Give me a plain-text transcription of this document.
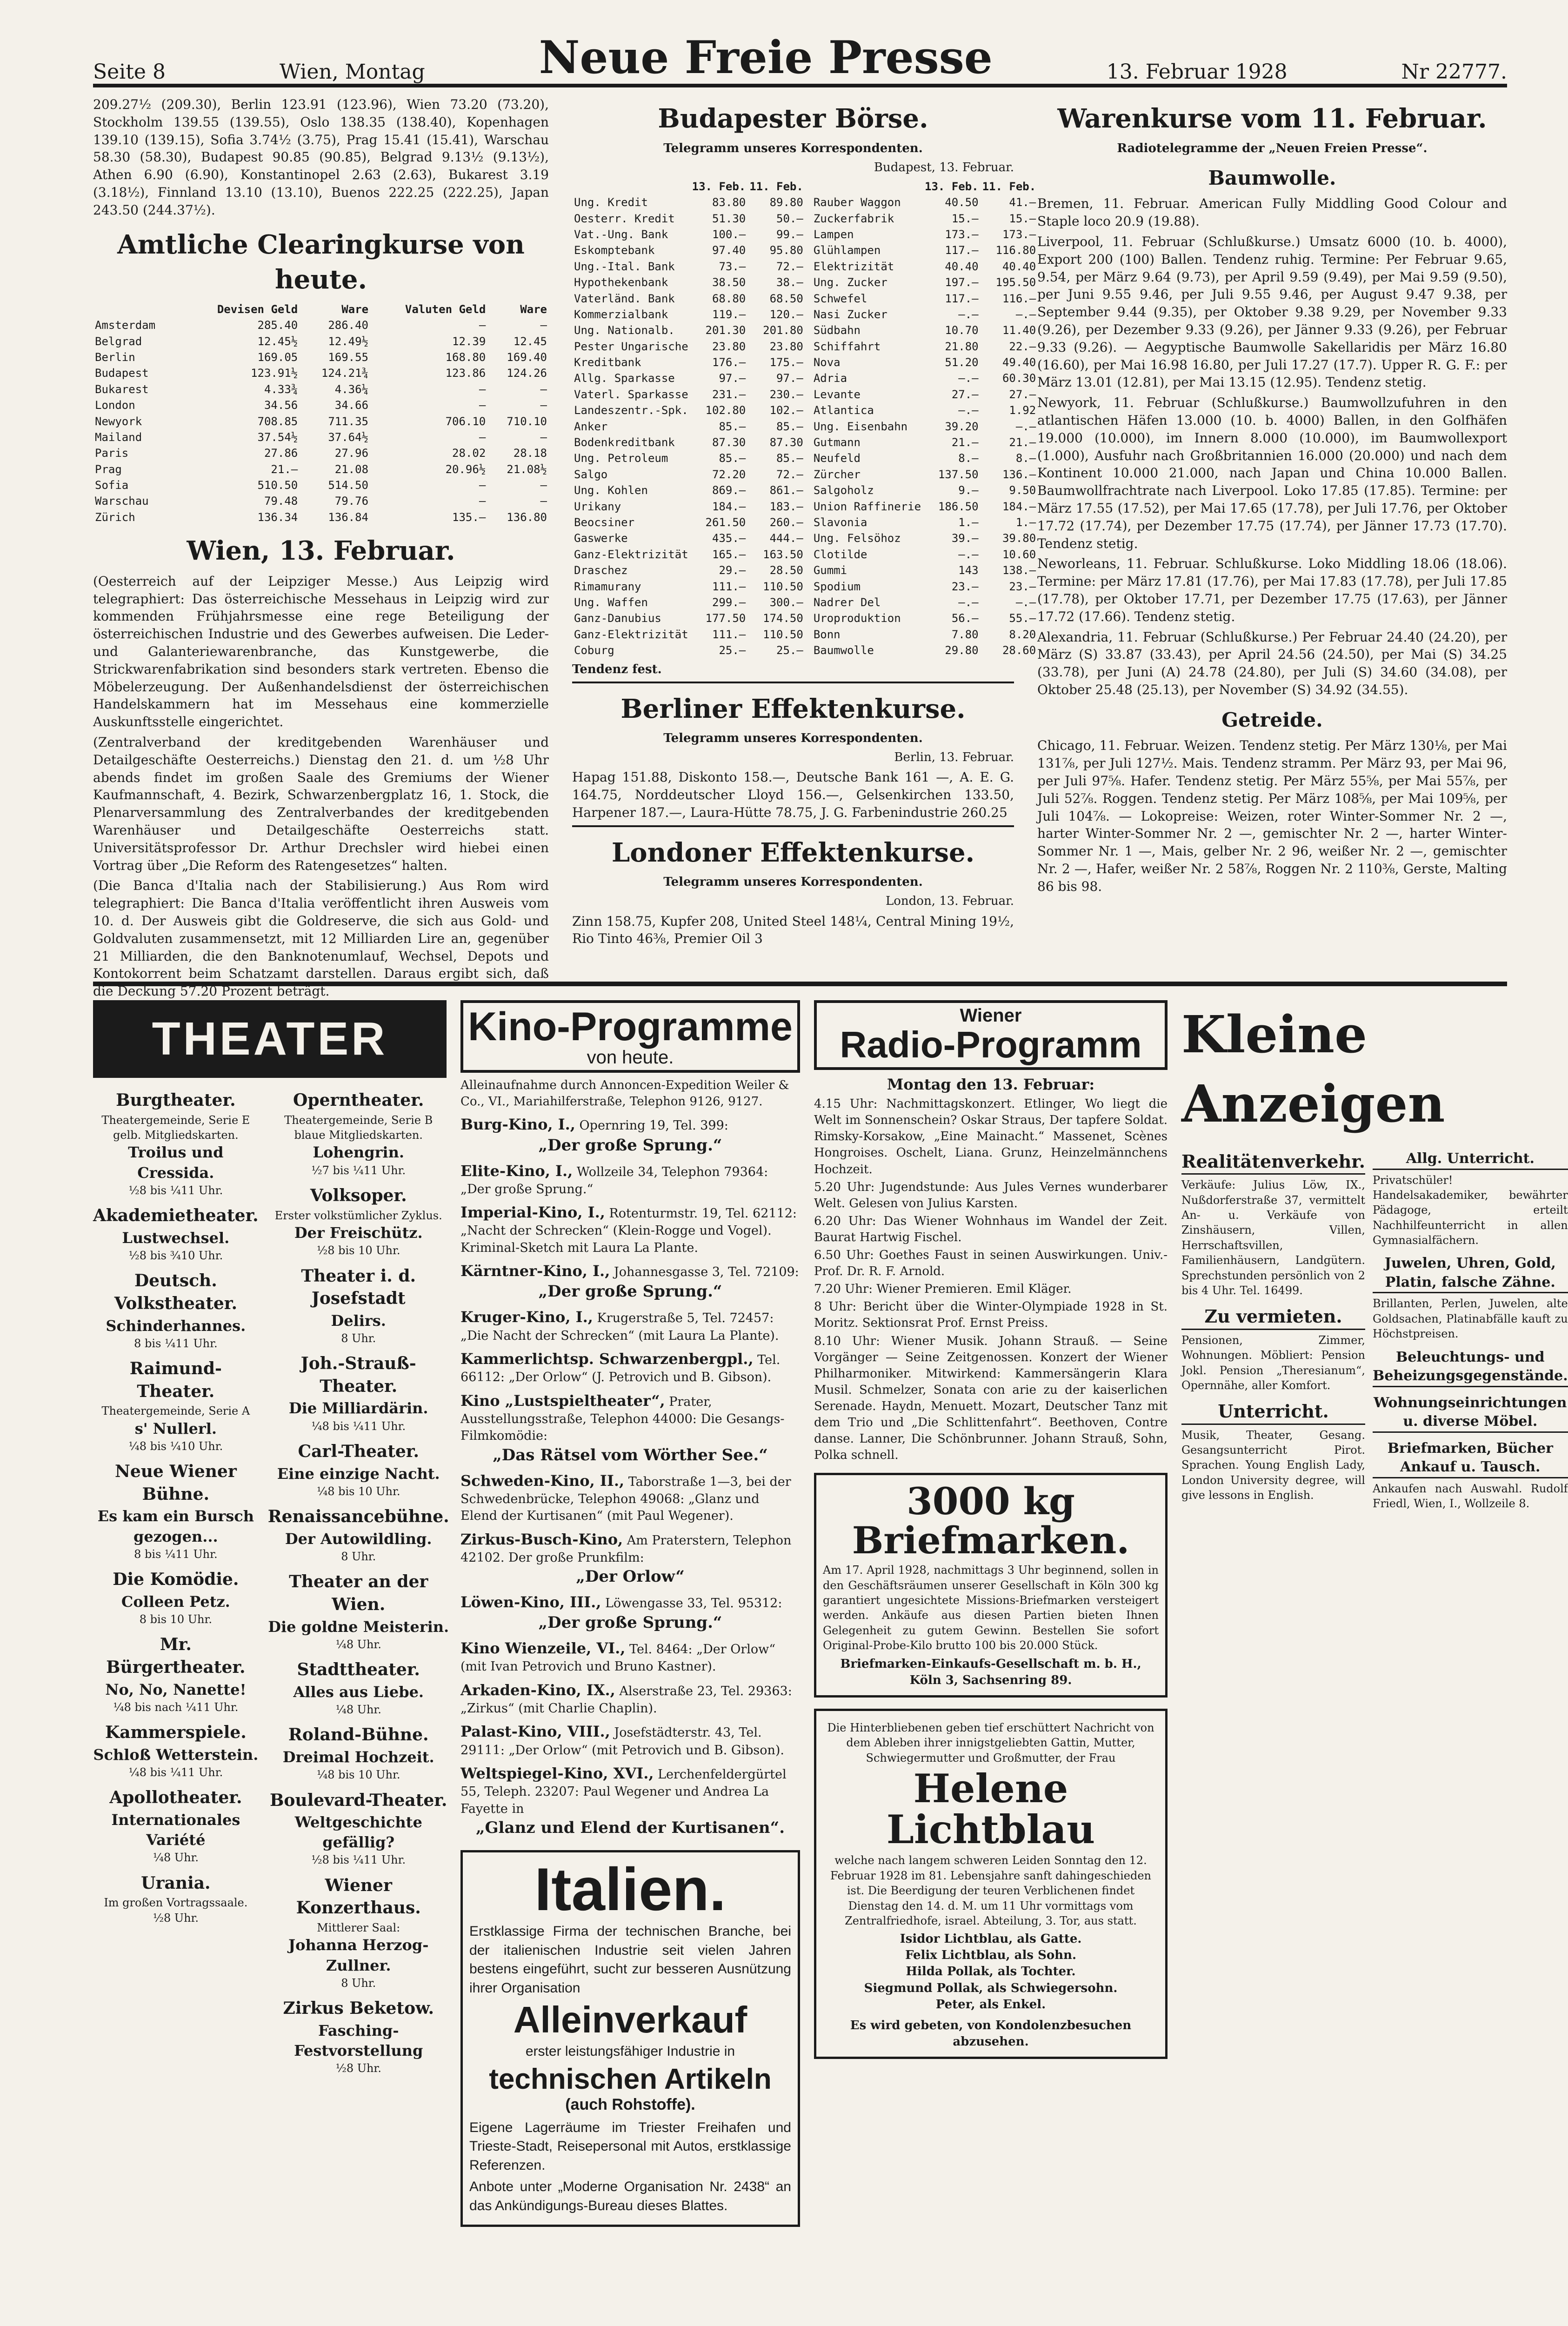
Seite 8	Wien, Montag	Neue Freie Presse	13. Februar 1928	Nr 22777.

209.27½ (209.30), Berlin 123.91 (123.96), Wien 73.20 (73.20), Stockholm 139.55 (139.55), Oslo 138.35 (138.40), Kopenhagen 139.10 (139.15), Sofia 3.74½ (3.75), Prag 15.41 (15.41), Warschau 58.30 (58.30), Budapest 90.85 (90.85), Belgrad 9.13½ (9.13½), Athen 6.90 (6.90), Konstantinopel 2.63 (2.63), Bukarest 3.19 (3.18½), Finnland 13.10 (13.10), Buenos 222.25 (222.25), Japan 243.50 (244.37½).

Amtliche Clearingkurse von heute.
	Devisen Geld	Ware	Valuten Geld	Ware
Amsterdam	285.40	286.40	—	—
Belgrad	12.45½	12.49½	12.39	12.45
Berlin	169.05	169.55	168.80	169.40
Budapest	123.91½	124.21¾	123.86	124.26
Bukarest	4.33¾	4.36¼	—	—
London	34.56	34.66	—	—
Newyork	708.85	711.35	706.10	710.10
Mailand	37.54½	37.64½	—	—
Paris	27.86	27.96	28.02	28.18
Prag	21.—	21.08	20.96½	21.08½
Sofia	510.50	514.50	—	—
Warschau	79.48	79.76	—	—
Zürich	136.34	136.84	135.—	136.80
Wien, 13. Februar.

(Oesterreich auf der Leipziger Messe.) Aus Leipzig wird telegraphiert: Das österreichische Messehaus in Leipzig wird zur kommenden Frühjahrsmesse eine rege Beteiligung der österreichischen Industrie und des Gewerbes aufweisen. Die Leder- und Galanteriewarenbranche, das Kunstgewerbe, die Strickwarenfabrikation sind besonders stark vertreten. Ebenso die Möbelerzeugung. Der Außenhandelsdienst der österreichischen Handelskammern hat im Messehaus eine kommerzielle Auskunftsstelle eingerichtet.

(Zentralverband der kreditgebenden Warenhäuser und Detailgeschäfte Oesterreichs.) Dienstag den 21. d. um ½8 Uhr abends findet im großen Saale des Gremiums der Wiener Kaufmannschaft, 4. Bezirk, Schwarzenbergplatz 16, 1. Stock, die Plenarversammlung des Zentralverbandes der kreditgebenden Warenhäuser und Detailgeschäfte Oesterreichs statt. Universitätsprofessor Dr. Arthur Drechsler wird hiebei einen Vortrag über „Die Reform des Ratengesetzes“ halten.

(Die Banca d'Italia nach der Stabilisierung.) Aus Rom wird telegraphiert: Die Banca d'Italia veröffentlicht ihren Ausweis vom 10. d. Der Ausweis gibt die Goldreserve, die sich aus Gold- und Goldvaluten zusammensetzt, mit 12 Milliarden Lire an, gegenüber 21 Milliarden, die den Banknotenumlauf, Wechsel, Depots und Kontokorrent beim Schatzamt darstellen. Daraus ergibt sich, daß die Deckung 57.20 Prozent beträgt.

Budapester Börse.
Telegramm unseres Korrespondenten.
Budapest, 13. Februar.
	13. Feb.	11. Feb.
Ung. Kredit	83.80	89.80
Oesterr. Kredit	51.30	50.—
Vat.-Ung. Bank	100.—	99.—
Eskomptebank	97.40	95.80
Ung.-Ital. Bank	73.—	72.—
Hypothekenbank	38.50	38.—
Vaterländ. Bank	68.80	68.50
Kommerzialbank	119.—	120.—
Ung. Nationalb.	201.30	201.80
Pester Ungarische	23.80	23.80
Kreditbank	176.—	175.—
Allg. Sparkasse	97.—	97.—
Vaterl. Sparkasse	231.—	230.—
Landeszentr.-Spk.	102.80	102.—
Anker	85.—	85.—
Bodenkreditbank	87.30	87.30
Ung. Petroleum	85.—	85.—
Salgo	72.20	72.—
Ung. Kohlen	869.—	861.—
Urikany	184.—	183.—
Beocsiner	261.50	260.—
Gaswerke	435.—	444.—
Ganz-Elektrizität	165.—	163.50
Draschez	29.—	28.50
Rimamurany	111.—	110.50
Ung. Waffen	299.—	300.—
Ganz-Danubius	177.50	174.50
Ganz-Elektrizität	111.—	110.50
Coburg	25.—	25.—
	13. Feb.	11. Feb.
Rauber Waggon	40.50	41.—
Zuckerfabrik	15.—	15.—
Lampen	173.—	173.—
Glühlampen	117.—	116.80
Elektrizität	40.40	40.40
Ung. Zucker	197.—	195.50
Schwefel	117.—	116.—
Nasi Zucker	—.—	—.—
Südbahn	10.70	11.40
Schiffahrt	21.80	22.—
Nova	51.20	49.40
Adria	—.—	60.30
Levante	27.—	27.—
Atlantica	—.—	1.92
Ung. Eisenbahn	39.20	—.—
Gutmann	21.—	21.—
Neufeld	8.—	8.—
Zürcher	137.50	136.—
Salgoholz	9.—	9.50
Union Raffinerie	186.50	184.—
Slavonia	1.—	1.—
Ung. Felsöhoz	39.—	39.80
Clotilde	—.—	10.60
Gummi	143	138.—
Spodium	23.—	23.—
Nadrer Del	—.—	—.—
Uroproduktion	56.—	55.—
Bonn	7.80	8.20
Baumwolle	29.80	28.60
Tendenz fest.
Berliner Effektenkurse.
Telegramm unseres Korrespondenten.
Berlin, 13. Februar.

Hapag 151.88, Diskonto 158.—, Deutsche Bank 161 —, A. E. G. 164.75, Norddeutscher Lloyd 156.—, Gelsenkirchen 133.50, Harpener 187.—, Laura-Hütte 78.75, J. G. Farbenindustrie 260.25

Londoner Effektenkurse.
Telegramm unseres Korrespondenten.
London, 13. Februar.

Zinn 158.75, Kupfer 208, United Steel 148¼, Central Mining 19½, Rio Tinto 46⅜, Premier Oil 3

Warenkurse vom 11. Februar.
Radiotelegramme der „Neuen Freien Presse“.
Baumwolle.

Bremen, 11. Februar. American Fully Middling Good Colour and Staple loco 20.9 (19.88).

Liverpool, 11. Februar (Schlußkurse.) Umsatz 6000 (10. b. 4000), Export 200 (100) Ballen. Tendenz ruhig. Termine: Per Februar 9.65, 9.54, per März 9.64 (9.73), per April 9.59 (9.49), per Mai 9.59 (9.50), per Juni 9.55 9.46, per Juli 9.55 9.46, per August 9.47 9.38, per September 9.44 (9.35), per Oktober 9.38 9.29, per November 9.33 (9.26), per Dezember 9.33 (9.26), per Jänner 9.33 (9.26), per Februar 9.33 (9.26). — Aegyptische Baumwolle Sakellaridis per März 16.80 (16.60), per Mai 16.98 16.80, per Juli 17.27 (17.7). Upper R. G. F.: per März 13.01 (12.81), per Mai 13.15 (12.95). Tendenz stetig.

Newyork, 11. Februar (Schlußkurse.) Baumwollzufuhren in den atlantischen Häfen 13.000 (10. b. 4000) Ballen, in den Golfhäfen 19.000 (10.000), im Innern 8.000 (10.000), im Baumwollexport (1.000), Ausfuhr nach Großbritannien 16.000 (20.000) und nach dem Kontinent 10.000 21.000, nach Japan und China 10.000 Ballen. Baumwollfrachtrate nach Liverpool. Loko 17.85 (17.85). Termine: per März 17.55 (17.52), per Mai 17.65 (17.78), per Juli 17.76, per Oktober 17.72 (17.74), per Dezember 17.75 (17.74), per Jänner 17.73 (17.70). Tendenz stetig.

Neworleans, 11. Februar. Schlußkurse. Loko Middling 18.06 (18.06). Termine: per März 17.81 (17.76), per Mai 17.83 (17.78), per Juli 17.85 (17.78), per Oktober 17.71, per Dezember 17.75 (17.63), per Jänner 17.72 (17.66). Tendenz stetig.

Alexandria, 11. Februar (Schlußkurse.) Per Februar 24.40 (24.20), per März (S) 33.87 (33.43), per April 24.56 (24.50), per Mai (S) 34.25 (33.78), per Juni (A) 24.78 (24.80), per Juli (S) 34.60 (34.08), per Oktober 25.48 (25.13), per November (S) 34.92 (34.55).

Getreide.

Chicago, 11. Februar. Weizen. Tendenz stetig. Per März 130⅛, per Mai 131⅞, per Juli 127½. Mais. Tendenz stramm. Per März 93, per Mai 96, per Juli 97⅝. Hafer. Tendenz stetig. Per März 55⅝, per Mai 55⅞, per Juli 52⅞. Roggen. Tendenz stetig. Per März 108⅝, per Mai 109⅝, per Juli 104⅞. — Lokopreise: Weizen, roter Winter-Sommer Nr. 2 —, harter Winter-Sommer Nr. 2 —, gemischter Nr. 2 —, harter Winter-Sommer Nr. 1 —, Mais, gelber Nr. 2 96, weißer Nr. 2 —, gemischter Nr. 2 —, Hafer, weißer Nr. 2 58⅞, Roggen Nr. 2 110⅜, Gerste, Malting 86 bis 98.

THEATER
Burgtheater.
Theatergemeinde, Serie E gelb. Mitgliedskarten.
Troilus und Cressida.
½8 bis ¼11 Uhr.
Akademietheater.
Lustwechsel.
½8 bis ¾10 Uhr.
Deutsch. Volkstheater.
Schinderhannes.
8 bis ¼11 Uhr.
Raimund-Theater.
Theatergemeinde, Serie A
s' Nullerl.
¼8 bis ¼10 Uhr.
Neue Wiener Bühne.
Es kam ein Bursch gezogen...
8 bis ¼11 Uhr.
Die Komödie.
Colleen Petz.
8 bis 10 Uhr.
Mr. Bürgertheater.
No, No, Nanette!
¼8 bis nach ¼11 Uhr.
Kammerspiele.
Schloß Wetterstein.
¼8 bis ¼11 Uhr.
Apollotheater.
Internationales Variété
¼8 Uhr.
Urania.
Im großen Vortragssaale.
½8 Uhr.
Operntheater.
Theatergemeinde, Serie B blaue Mitgliedskarten.
Lohengrin.
½7 bis ¼11 Uhr.
Volksoper.
Erster volkstümlicher Zyklus.
Der Freischütz.
½8 bis 10 Uhr.
Theater i. d. Josefstadt
Delirs.
8 Uhr.
Joh.-Strauß-Theater.
Die Milliardärin.
¼8 bis ¼11 Uhr.
Carl-Theater.
Eine einzige Nacht.
¼8 bis 10 Uhr.
Renaissancebühne.
Der Autowildling.
8 Uhr.
Theater an der Wien.
Die goldne Meisterin.
¼8 Uhr.
Stadttheater.
Alles aus Liebe.
¼8 Uhr.
Roland-Bühne.
Dreimal Hochzeit.
¼8 bis 10 Uhr.
Boulevard-Theater.
Weltgeschichte gefällig?
½8 bis ¼11 Uhr.
Wiener Konzerthaus.
Mittlerer Saal:
Johanna Herzog-Zullner.
8 Uhr.
Zirkus Beketow.
Fasching-Festvorstellung
½8 Uhr.
Kino-Programme
von heute.
Alleinaufnahme durch Annoncen-Expedition Weiler & Co., VI., Mariahilferstraße, Telephon 9126, 9127.
Burg-Kino, I., Opernring 19, Tel. 399:
„Der große Sprung.“
Elite-Kino, I., Wollzeile 34, Telephon 79364: „Der große Sprung.“
Imperial-Kino, I., Rotenturmstr. 19, Tel. 62112: „Nacht der Schrecken“ (Klein-Rogge und Vogel). Kriminal-Sketch mit Laura La Plante.
Kärntner-Kino, I., Johannesgasse 3, Tel. 72109:
„Der große Sprung.“
Kruger-Kino, I., Krugerstraße 5, Tel. 72457: „Die Nacht der Schrecken“ (mit Laura La Plante).
Kammerlichtsp. Schwarzenbergpl., Tel. 66112: „Der Orlow“ (J. Petrovich und B. Gibson).
Kino „Lustspieltheater“, Prater, Ausstellungsstraße, Telephon 44000: Die Gesangs-Filmkomödie:
„Das Rätsel vom Wörther See.“
Schweden-Kino, II., Taborstraße 1—3, bei der Schwedenbrücke, Telephon 49068: „Glanz und Elend der Kurtisanen“ (mit Paul Wegener).
Zirkus-Busch-Kino, Am Praterstern, Telephon 42102. Der große Prunkfilm:
„Der Orlow“
Löwen-Kino, III., Löwengasse 33, Tel. 95312:
„Der große Sprung.“
Kino Wienzeile, VI., Tel. 8464: „Der Orlow“ (mit Ivan Petrovich und Bruno Kastner).
Arkaden-Kino, IX., Alserstraße 23, Tel. 29363: „Zirkus“ (mit Charlie Chaplin).
Palast-Kino, VIII., Josefstädterstr. 43, Tel. 29111: „Der Orlow“ (mit Petrovich und B. Gibson).
Weltspiegel-Kino, XVI., Lerchenfeldergürtel 55, Teleph. 23207: Paul Wegener und Andrea La Fayette in
„Glanz und Elend der Kurtisanen“.
Italien.

Erstklassige Firma der technischen Branche, bei der italienischen Industrie seit vielen Jahren bestens eingeführt, sucht zur besseren Ausnützung ihrer Organisation

Alleinverkauf

erster leistungsfähiger Industrie in

technischen Artikeln
(auch Rohstoffe).

Eigene Lagerräume im Triester Freihafen und Trieste-Stadt, Reisepersonal mit Autos, erstklassige Referenzen.

Anbote unter „Moderne Organisation Nr. 2438“ an das Ankündigungs-Bureau dieses Blattes.

Wiener
Radio-Programm
Montag den 13. Februar:

4.15 Uhr: Nachmittagskonzert. Etlinger, Wo liegt die Welt im Sonnenschein? Oskar Straus, Der tapfere Soldat. Rimsky-Korsakow, „Eine Mainacht.“ Massenet, Scènes Hongroises. Oschelt, Liana. Grunz, Heinzelmännchens Hochzeit.

5.20 Uhr: Jugendstunde: Aus Jules Vernes wunderbarer Welt. Gelesen von Julius Karsten.

6.20 Uhr: Das Wiener Wohnhaus im Wandel der Zeit. Baurat Hartwig Fischel.

6.50 Uhr: Goethes Faust in seinen Auswirkungen. Univ.-Prof. Dr. R. F. Arnold.

7.20 Uhr: Wiener Premieren. Emil Kläger.

8 Uhr: Bericht über die Winter-Olympiade 1928 in St. Moritz. Sektionsrat Prof. Ernst Preiss.

8.10 Uhr: Wiener Musik. Johann Strauß. — Seine Vorgänger — Seine Zeitgenossen. Konzert der Wiener Philharmoniker. Mitwirkend: Kammersängerin Klara Musil. Schmelzer, Sonata con arie zu der kaiserlichen Serenade. Haydn, Menuett. Mozart, Deutscher Tanz mit dem Trio und „Die Schlittenfahrt“. Beethoven, Contre danse. Lanner, Die Schönbrunner. Johann Strauß, Sohn, Polka schnell.

3000 kg Briefmarken.

Am 17. April 1928, nachmittags 3 Uhr beginnend, sollen in den Geschäftsräumen unserer Gesellschaft in Köln 300 kg garantiert ungesichtete Missions-Briefmarken versteigert werden. Ankäufe aus diesen Partien bieten Ihnen Gelegenheit zu gutem Gewinn. Bestellen Sie sofort Original-Probe-Kilo brutto 100 bis 20.000 Stück.

Briefmarken-Einkaufs-Gesellschaft m. b. H., Köln 3, Sachsenring 89.

Die Hinterbliebenen geben tief erschüttert Nachricht von dem Ableben ihrer innigstgeliebten Gattin, Mutter, Schwiegermutter und Großmutter, der Frau

Helene Lichtblau

welche nach langem schweren Leiden Sonntag den 12. Februar 1928 im 81. Lebensjahre sanft dahingeschieden ist. Die Beerdigung der teuren Verblichenen findet Dienstag den 14. d. M. um 11 Uhr vormittags vom Zentralfriedhofe, israel. Abteilung, 3. Tor, aus statt.

Isidor Lichtblau, als Gatte.
Felix Lichtblau, als Sohn.
Hilda Pollak, als Tochter.
Siegmund Pollak, als Schwiegersohn.
Peter, als Enkel.
Es wird gebeten, von Kondolenzbesuchen abzusehen.
Kleine Anzeigen
Realitätenverkehr.

Verkäufe: Julius Löw, IX., Nußdorferstraße 37, vermittelt An- u. Verkäufe von Zinshäusern, Villen, Herrschaftsvillen, Familienhäusern, Landgütern. Sprechstunden persönlich von 2 bis 4 Uhr. Tel. 16499.

Zu vermieten.

Pensionen, Zimmer, Wohnungen. Möbliert: Pension Jokl. Pension „Theresianum“, Opernnähe, aller Komfort.

Unterricht.

Musik, Theater, Gesang. Gesangsunterricht Pirot. Sprachen. Young English Lady, London University degree, will give lessons in English.

Allg. Unterricht.

Privatschüler! Handelsakademiker, bewährter Pädagoge, erteilt Nachhilfeunterricht in allen Gymnasialfächern.

Juwelen, Uhren, Gold, Platin, falsche Zähne.

Brillanten, Perlen, Juwelen, alte Goldsachen, Platinabfälle kauft zu Höchstpreisen.

Beleuchtungs- und Beheizungsgegenstände.
Wohnungseinrichtungen u. diverse Möbel.
Briefmarken, Bücher Ankauf u. Tausch.

Ankaufen nach Auswahl. Rudolf Friedl, Wien, I., Wollzeile 8.
